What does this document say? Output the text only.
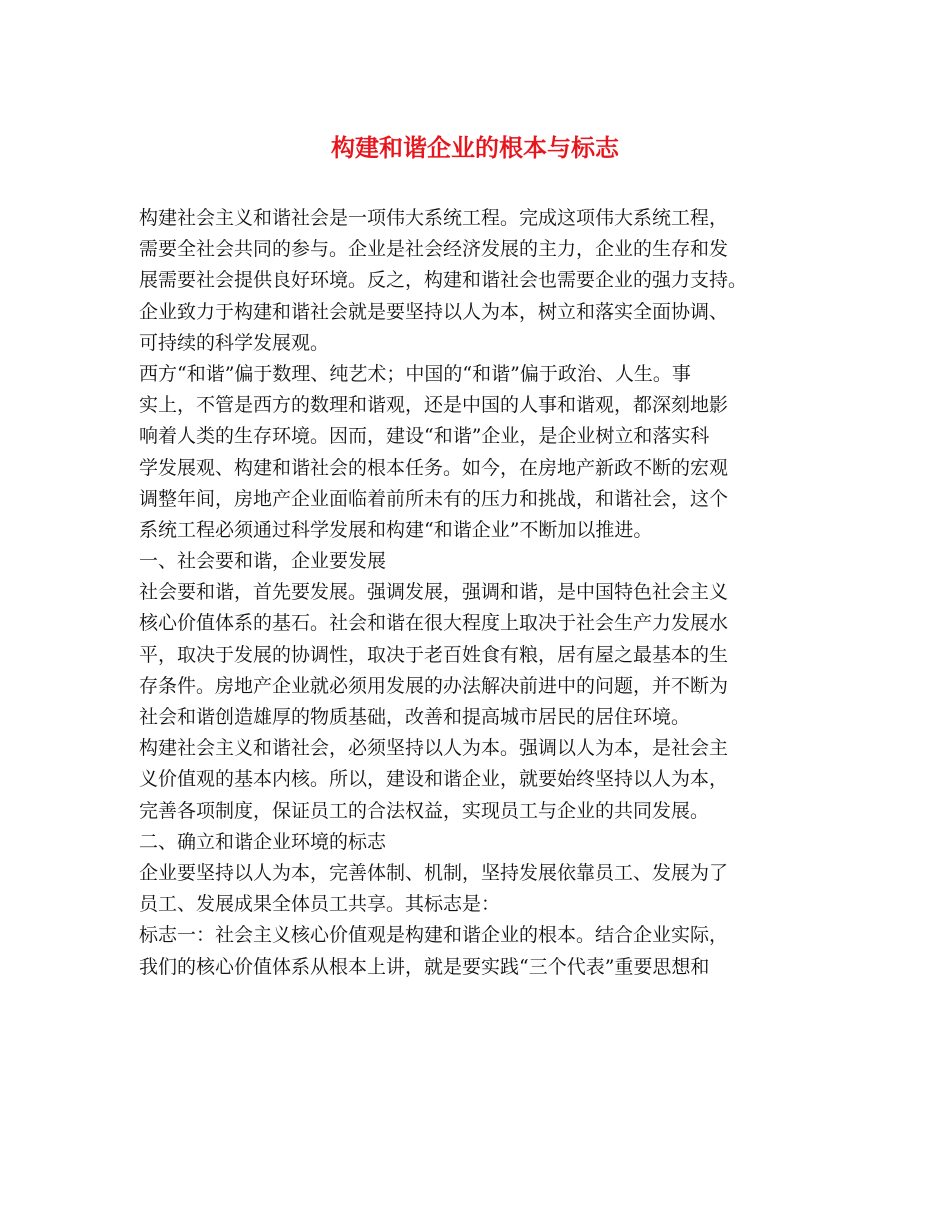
构建和谐企业的根本与标志
构建社会主义和谐社会是一项伟大系统工程。完成这项伟大系统工程，
需要全社会共同的参与。企业是社会经济发展的主力，企业的生存和发
展需要社会提供良好环境。反之，构建和谐社会也需要企业的强力支持。
企业致力于构建和谐社会就是要坚持以人为本，树立和落实全面协调、
可持续的科学发展观。
西方“和谐”偏于数理、纯艺术；中国的“和谐”偏于政治、人生。事
实上，不管是西方的数理和谐观，还是中国的人事和谐观，都深刻地影
响着人类的生存环境。因而，建设“和谐”企业，是企业树立和落实科
学发展观、构建和谐社会的根本任务。如今，在房地产新政不断的宏观
调整年间，房地产企业面临着前所未有的压力和挑战，和谐社会，这个
系统工程必须通过科学发展和构建“和谐企业”不断加以推进。
一、社会要和谐，企业要发展
社会要和谐，首先要发展。强调发展，强调和谐，是中国特色社会主义
核心价值体系的基石。社会和谐在很大程度上取决于社会生产力发展水
平，取决于发展的协调性，取决于老百姓食有粮，居有屋之最基本的生
存条件。房地产企业就必须用发展的办法解决前进中的问题，并不断为
社会和谐创造雄厚的物质基础，改善和提高城市居民的居住环境。
构建社会主义和谐社会，必须坚持以人为本。强调以人为本，是社会主
义价值观的基本内核。所以，建设和谐企业，就要始终坚持以人为本，
完善各项制度，保证员工的合法权益，实现员工与企业的共同发展。
二、确立和谐企业环境的标志
企业要坚持以人为本，完善体制、机制，坚持发展依靠员工、发展为了
员工、发展成果全体员工共享。其标志是：
标志一：社会主义核心价值观是构建和谐企业的根本。结合企业实际，
我们的核心价值体系从根本上讲，就是要实践“三个代表”重要思想和
